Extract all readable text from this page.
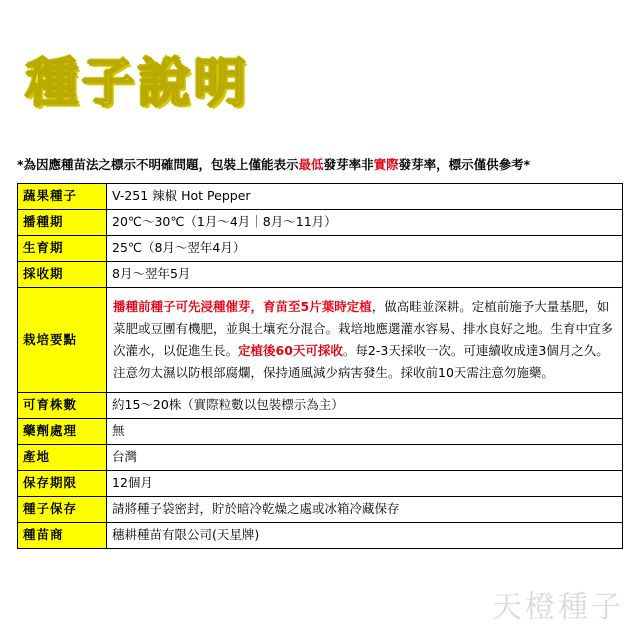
種子說明
*為因應種苗法之標示不明確問題，包裝上僅能表示最低發芽率非實際發芽率，標示僅供參考*
蔬果種子	V-251 辣椒 Hot Pepper
播種期	20℃～30℃（1月～4月｜8月～11月）
生育期	25℃（8月～翌年4月）
採收期	8月～翌年5月
栽培要點	播種前種子可先浸種催芽，育苗至5片葉時定植，做高畦並深耕。定植前施予大量基肥，如菜肥或豆圑有機肥，並與土壤充分混合。栽培地應選灌水容易、排水良好之地。生育中宜多次灌水，以促進生長。定植後60天可採收。每2-3天採收一次。可連續收成達3個月之久。注意勿太濕以防根部腐爛，保持通風減少病害發生。採收前10天需注意勿施藥。
可育株數	約15～20株（實際粒數以包裝標示為主）
藥劑處理	無
產地	台灣
保存期限	12個月
種子保存	請將種子袋密封，貯於暗冷乾燥之處或冰箱冷藏保存
種苗商	穗耕種苗有限公司(天星牌)
天橙種子
